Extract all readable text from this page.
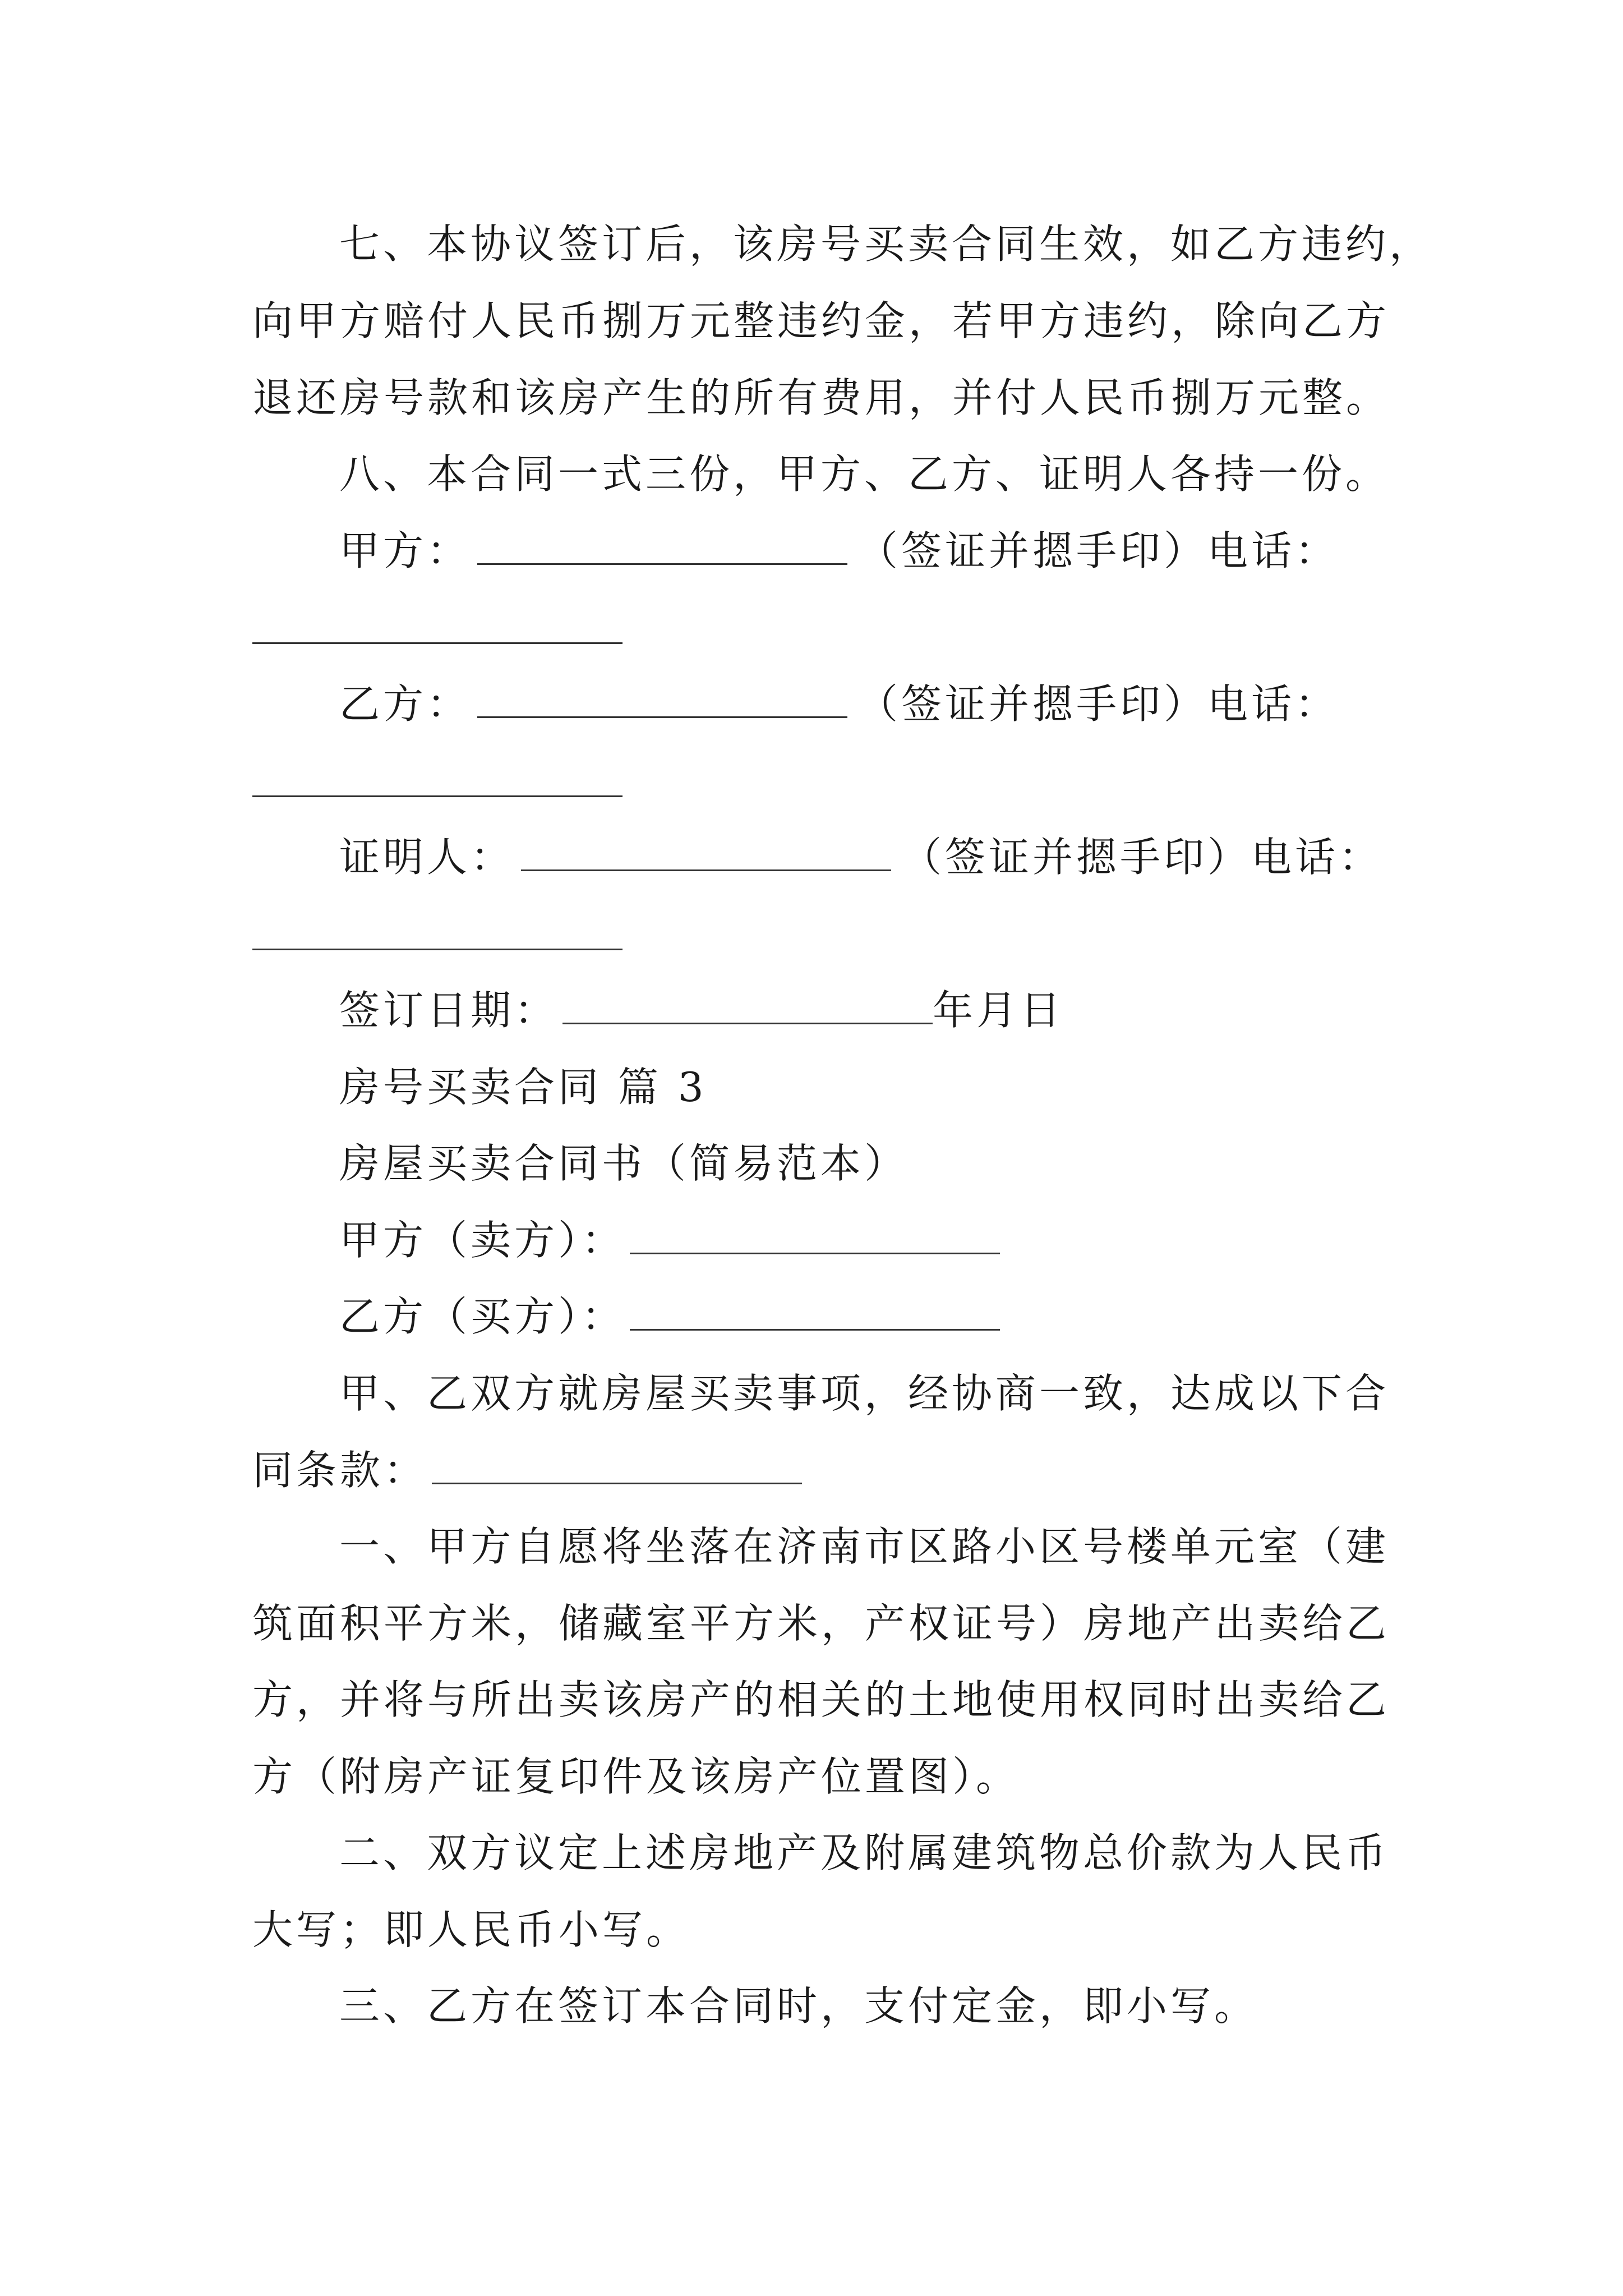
七、本协议签订后，该房号买卖合同生效，如乙方违约，
向甲方赔付人民币捌万元整违约金，若甲方违约，除向乙方
退还房号款和该房产生的所有费用，并付人民币捌万元整。
八、本合同一式三份，甲方、乙方、证明人各持一份。
甲方：	（签证并摁手印）电话：
乙方：	（签证并摁手印）电话：
证明人：	（签证并摁手印）电话：
签订日期：	年月日
房号买卖合同 篇 3
房屋买卖合同书（简易范本）
甲方（卖方）：
乙方（买方）：
甲、乙双方就房屋买卖事项，经协商一致，达成以下合
同条款：
一、甲方自愿将坐落在济南市区路小区号楼单元室（建
筑面积平方米，储藏室平方米，产权证号）房地产出卖给乙
方，并将与所出卖该房产的相关的土地使用权同时出卖给乙
方（附房产证复印件及该房产位置图）。
二、双方议定上述房地产及附属建筑物总价款为人民币
大写；即人民币小写。
三、乙方在签订本合同时，支付定金，即小写。
